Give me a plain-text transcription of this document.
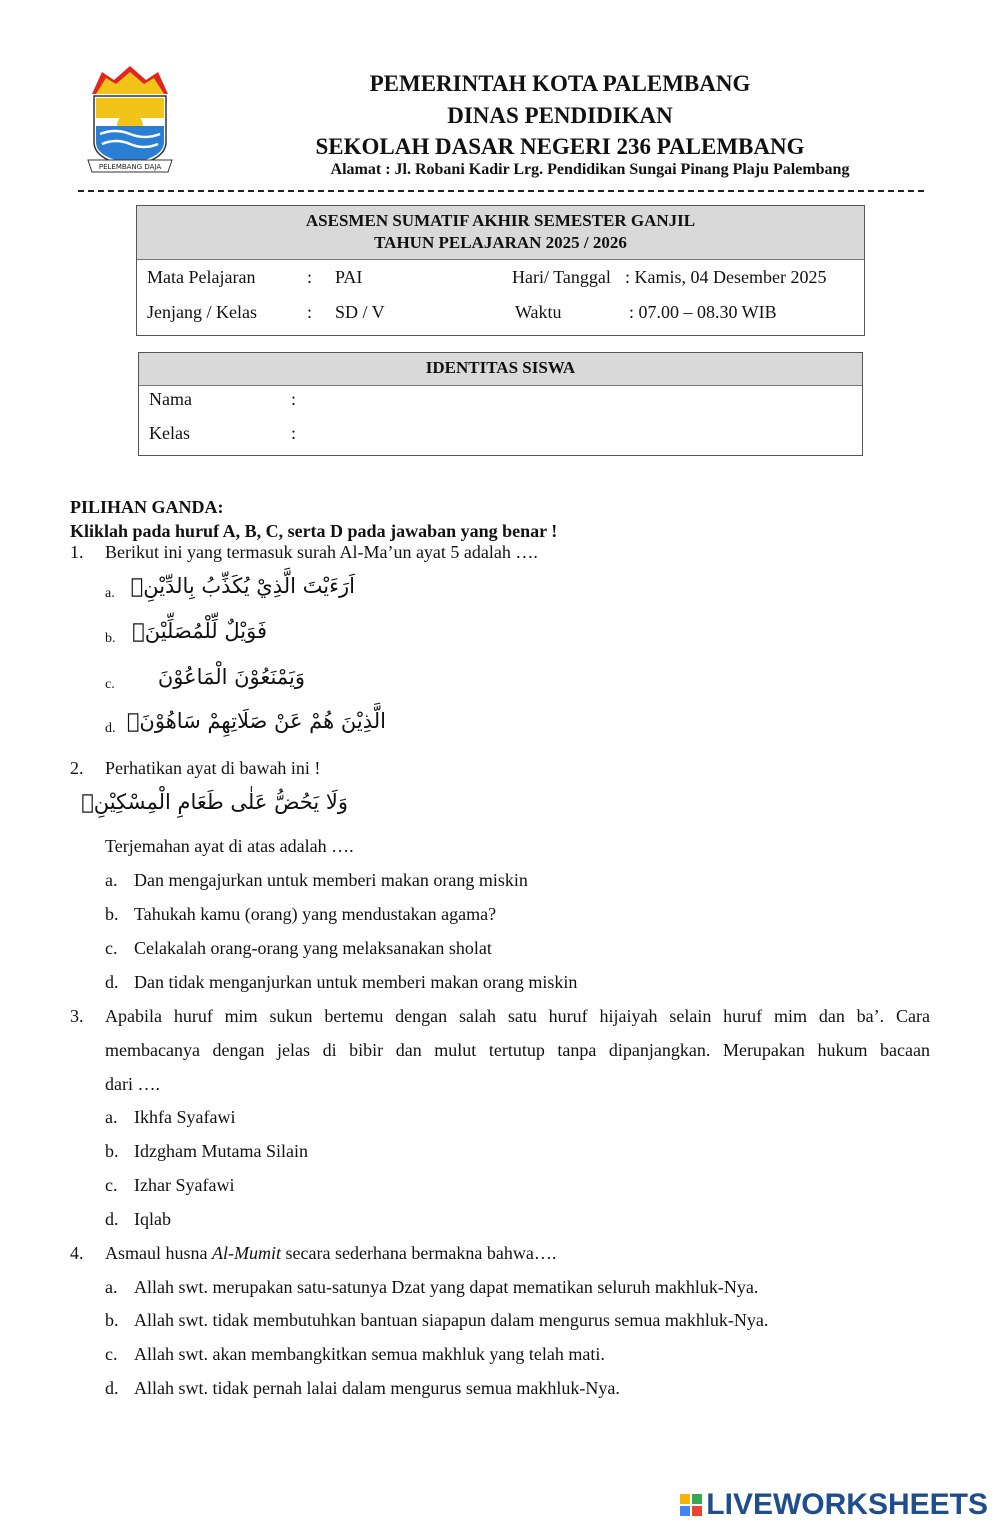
PELEMBANG DAJA
PEMERINTAH KOTA PALEMBANG
DINAS PENDIDIKAN
SEKOLAH DASAR NEGERI 236 PALEMBANG
Alamat : Jl. Robani Kadir Lrg. Pendidikan Sungai Pinang Plaju Palembang
ASESMEN SUMATIF AKHIR SEMESTER GANJIL
TAHUN PELAJARAN 2025 / 2026
Mata Pelajaran	: PAI	Hari/ Tanggal : Kamis, 04 Desember 2025
Jenjang / Kelas	: SD / V	Waktu	: 07.00 – 08.30 WIB
IDENTITAS SISWA
Nama	:
Kelas	:
PILIHAN GANDA:
Kliklah pada huruf A, B, C, serta D pada jawaban yang benar !
1. Berikut ini yang termasuk surah Al-Ma’un ayat 5 adalah ….
a. اَرَءَيْتَ الَّذِيْ يُكَذِّبُ بِالدِّيْنِۗ
b. فَوَيْلٌ لِّلْمُصَلِّيْنَۙ
c. وَيَمْنَعُوْنَ الْمَاعُوْنَ
d. الَّذِيْنَ هُمْ عَنْ صَلَاتِهِمْ سَاهُوْنَۙ
2. Perhatikan ayat di bawah ini !
وَلَا يَحُضُّ عَلٰى طَعَامِ الْمِسْكِيْنِۗ
Terjemahan ayat di atas adalah ….
a. Dan mengajurkan untuk memberi makan orang miskin
b. Tahukah kamu (orang) yang mendustakan agama?
c. Celakalah orang-orang yang melaksanakan sholat
d. Dan tidak menganjurkan untuk memberi makan orang miskin
3. Apabila huruf mim sukun bertemu dengan salah satu huruf hijaiyah selain huruf mim dan ba’. Cara
membacanya dengan jelas di bibir dan mulut tertutup tanpa dipanjangkan. Merupakan hukum bacaan
dari ….
a. Ikhfa Syafawi
b. Idzgham Mutama Silain
c. Izhar Syafawi
d. Iqlab
4. Asmaul husna Al-Mumit secara sederhana bermakna bahwa….
a. Allah swt. merupakan satu-satunya Dzat yang dapat mematikan seluruh makhluk-Nya.
b. Allah swt. tidak membutuhkan bantuan siapapun dalam mengurus semua makhluk-Nya.
c. Allah swt. akan membangkitkan semua makhluk yang telah mati.
d. Allah swt. tidak pernah lalai dalam mengurus semua makhluk-Nya.
LIVEWORKSHEETS
